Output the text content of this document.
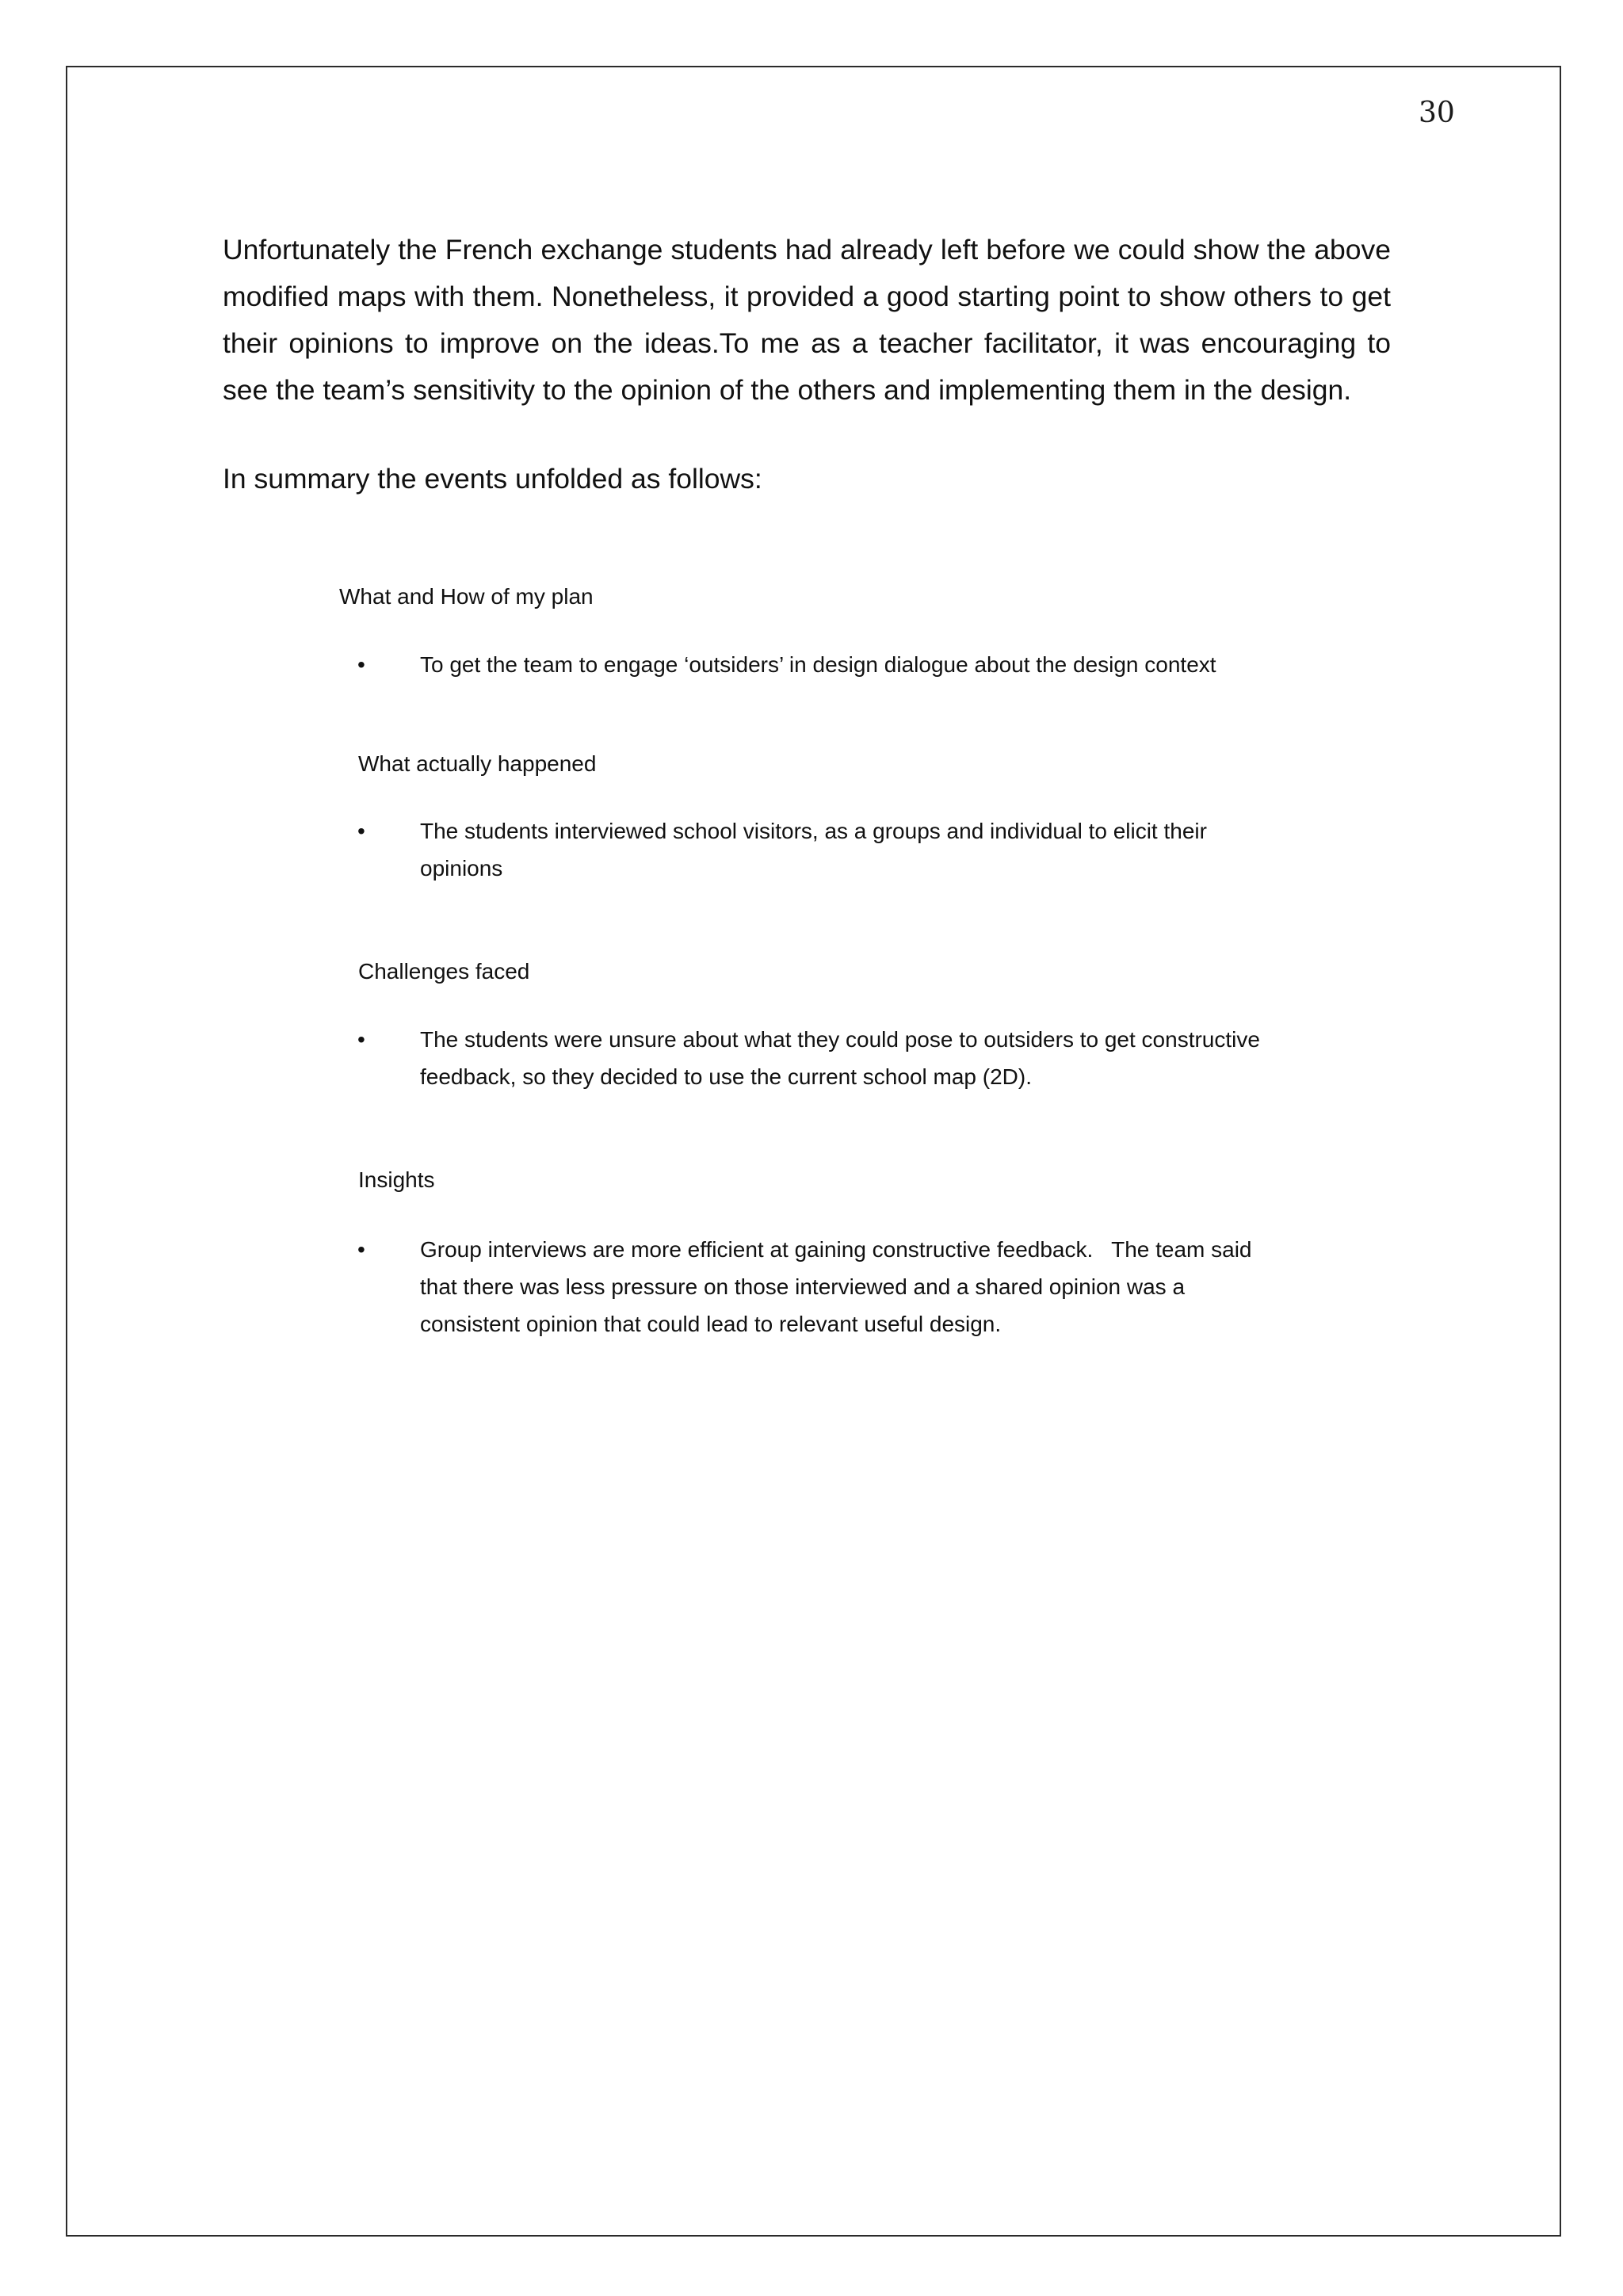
30

Unfortunately the French exchange students had already left before we could show the above modified maps with them. Nonetheless, it provided a good starting point to show others to get their opinions to improve on the ideas.To me as a teacher facilitator, it was encouraging to see the team’s sensitivity to the opinion of the others and implementing them in the design.

In summary the events unfolded as follows:

What and How of my plan

•	To get the team to engage ‘outsiders’ in design dialogue about the design context

What actually happened

•	The students interviewed school visitors, as a groups and individual to elicit their opinions

Challenges faced

•	The students were unsure about what they could pose to outsiders to get constructive feedback, so they decided to use the current school map (2D).

Insights

•	Group interviews are more efficient at gaining constructive feedback.   The team said that there was less pressure on those interviewed and a shared opinion was a consistent opinion that could lead to relevant useful design.
